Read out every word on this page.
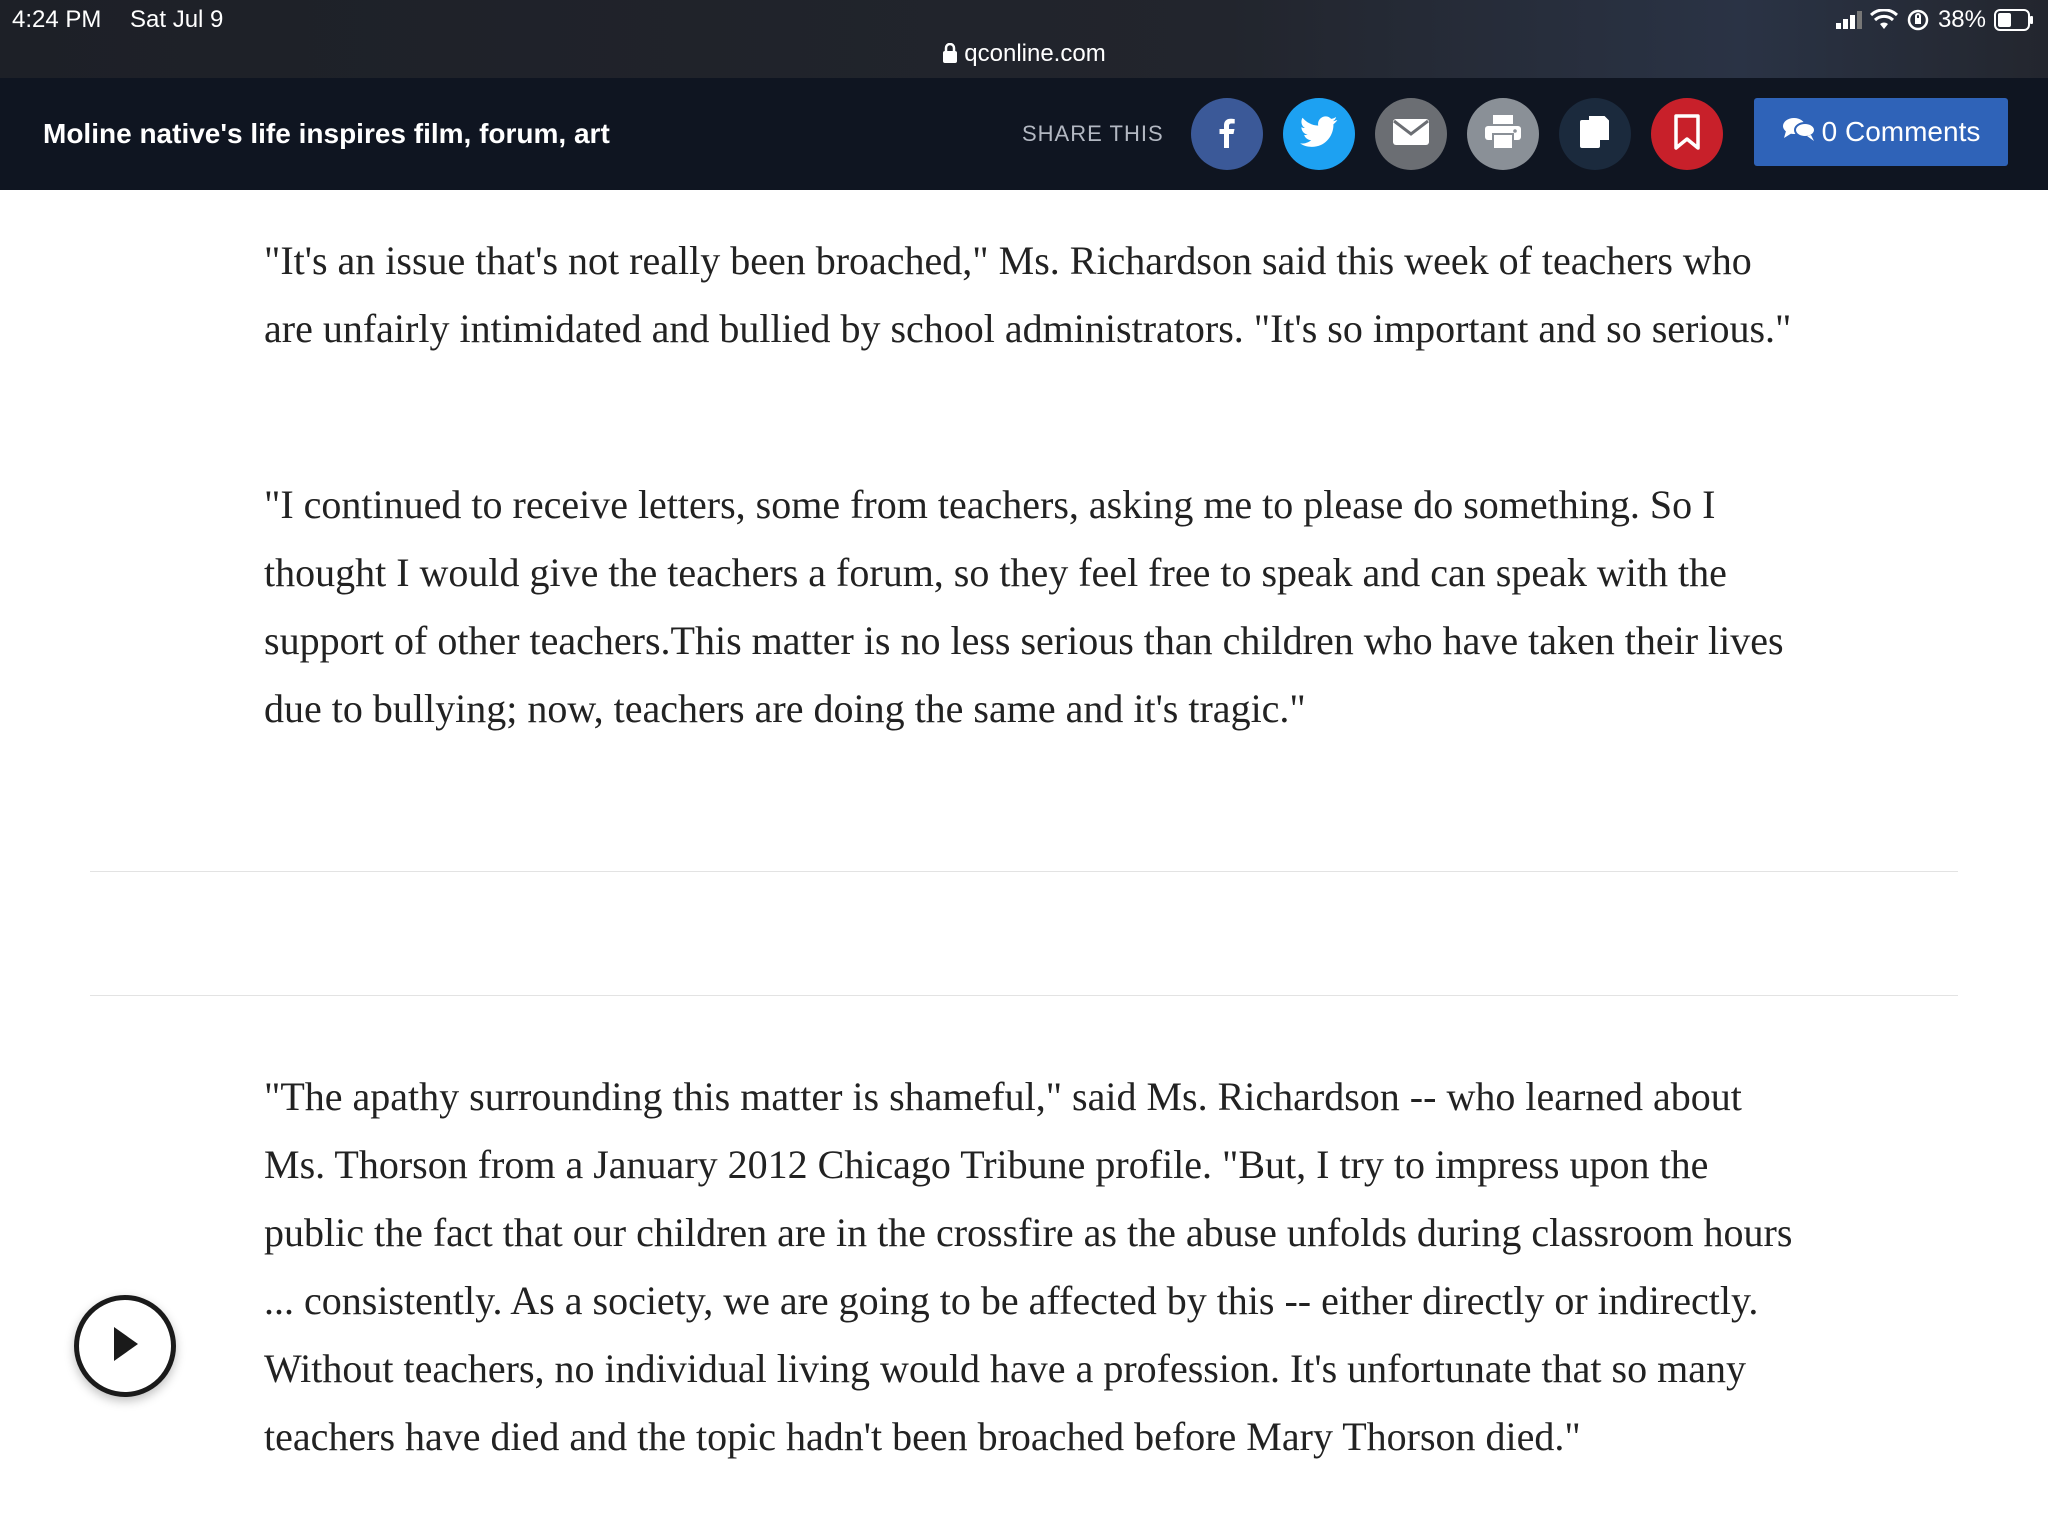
4:24 PM Sat Jul 9	38%
qconline.com
Moline native's life inspires film, forum, art	SHARE THIS	0 Comments

"It's an issue that's not really been broached," Ms. Richardson said this week of teachers who are unfairly intimidated and bullied by school administrators. "It's so important and so serious."

"I continued to receive letters, some from teachers, asking me to please do something. So I thought I would give the teachers a forum, so they feel free to speak and can speak with the support of other teachers.This matter is no less serious than children who have taken their lives due to bullying; now, teachers are doing the same and it's tragic."

"The apathy surrounding this matter is shameful," said Ms. Richardson -- who learned about Ms. Thorson from a January 2012 Chicago Tribune profile. "But, I try to impress upon the public the fact that our children are in the crossfire as the abuse unfolds during classroom hours ... consistently. As a society, we are going to be affected by this -- either directly or indirectly. Without teachers, no individual living would have a profession. It's unfortunate that so many teachers have died and the topic hadn't been broached before Mary Thorson died."
